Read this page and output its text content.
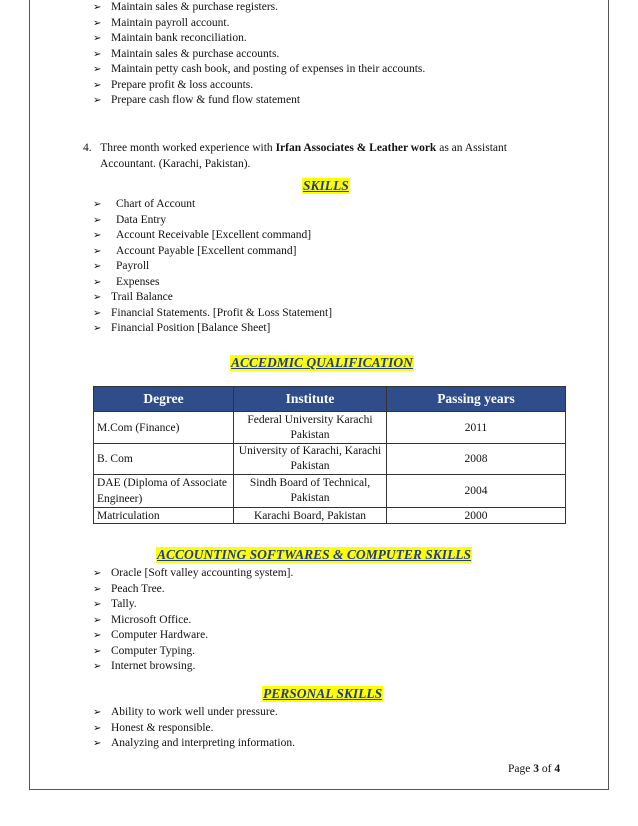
➢ Maintain sales & purchase registers.
➢ Maintain payroll account.
➢ Maintain bank reconciliation.
➢ Maintain sales & purchase accounts.
➢ Maintain petty cash book, and posting of expenses in their accounts.
➢ Prepare profit & loss accounts.
➢ Prepare cash flow & fund flow statement
4. Three month worked experience with Irfan Associates & Leather work as an Assistant
Accountant. (Karachi, Pakistan).
SKILLS
➢ Chart of Account
➢ Data Entry
➢ Account Receivable [Excellent command]
➢ Account Payable [Excellent command]
➢ Payroll
➢ Expenses
➢ Trail Balance
➢ Financial Statements. [Profit & Loss Statement]
➢ Financial Position [Balance Sheet]
ACCEDMIC QUALIFICATION
Degree	Institute	Passing years
M.Com (Finance)	Federal University Karachi Pakistan	2011
B. Com	University of Karachi, Karachi Pakistan	2008
DAE (Diploma of Associate Engineer)	Sindh Board of Technical, Pakistan	2004
Matriculation	Karachi Board, Pakistan	2000
ACCOUNTING SOFTWARES & COMPUTER SKILLS
➢ Oracle [Soft valley accounting system].
➢ Peach Tree.
➢ Tally.
➢ Microsoft Office.
➢ Computer Hardware.
➢ Computer Typing.
➢ Internet browsing.
PERSONAL SKILLS
➢ Ability to work well under pressure.
➢ Honest & responsible.
➢ Analyzing and interpreting information.
Page 3 of 4
